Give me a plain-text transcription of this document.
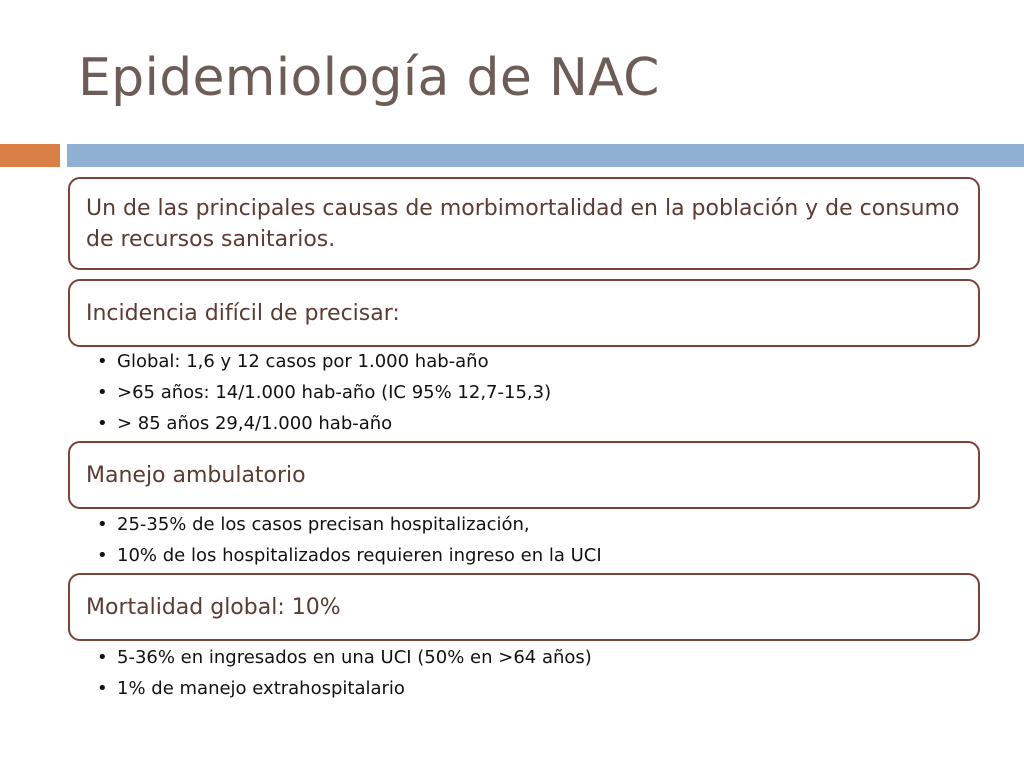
Epidemiología de NAC
Un de las principales causas de morbimortalidad en la población y de consumo de recursos sanitarios.
Incidencia difícil de precisar:
• Global: 1,6 y 12 casos por 1.000 hab-año
• >65 años: 14/1.000 hab-año (IC 95% 12,7-15,3)
• > 85 años 29,4/1.000 hab-año
Manejo ambulatorio
• 25-35% de los casos precisan hospitalización,
• 10% de los hospitalizados requieren ingreso en la UCI
Mortalidad global: 10%
• 5-36% en ingresados en una UCI (50% en >64 años)
• 1% de manejo extrahospitalario
